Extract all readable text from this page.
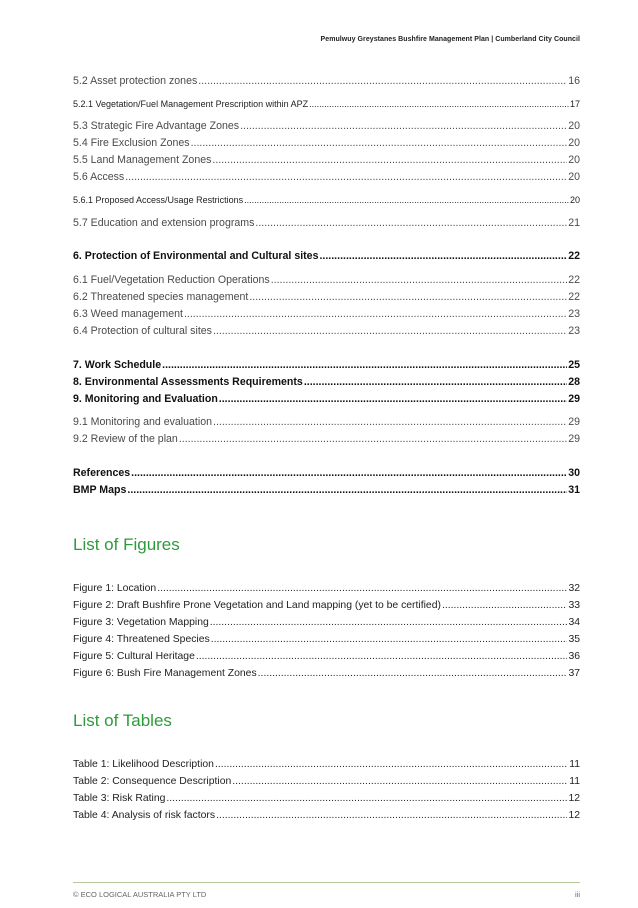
Pemulwuy Greystanes Bushfire Management Plan | Cumberland City Council
5.2 Asset protection zones .....	16
5.2.1 Vegetation/Fuel Management Prescription within APZ .....	17
5.3 Strategic Fire Advantage Zones .....	20
5.4 Fire Exclusion Zones .....	20
5.5 Land Management Zones .....	20
5.6 Access .....	20
5.6.1 Proposed Access/Usage Restrictions .....	20
5.7 Education and extension programs .....	21
6. Protection of Environmental and Cultural sites .....	22
6.1 Fuel/Vegetation Reduction Operations .....	22
6.2 Threatened species management .....	22
6.3 Weed management .....	23
6.4 Protection of cultural sites .....	23
7. Work Schedule .....	25
8. Environmental Assessments Requirements .....	28
9. Monitoring and Evaluation .....	29
9.1 Monitoring and evaluation .....	29
9.2 Review of the plan .....	29
References .....	30
BMP Maps .....	31
List of Figures
Figure 1: Location .....	32
Figure 2: Draft Bushfire Prone Vegetation and Land mapping (yet to be certified) .....	33
Figure 3: Vegetation Mapping .....	34
Figure 4: Threatened Species .....	35
Figure 5: Cultural Heritage .....	36
Figure 6: Bush Fire Management Zones .....	37
List of Tables
Table 1: Likelihood Description .....	11
Table 2: Consequence Description .....	11
Table 3: Risk Rating .....	12
Table 4: Analysis of risk factors .....	12
© ECO LOGICAL AUSTRALIA PTY LTD	iii
